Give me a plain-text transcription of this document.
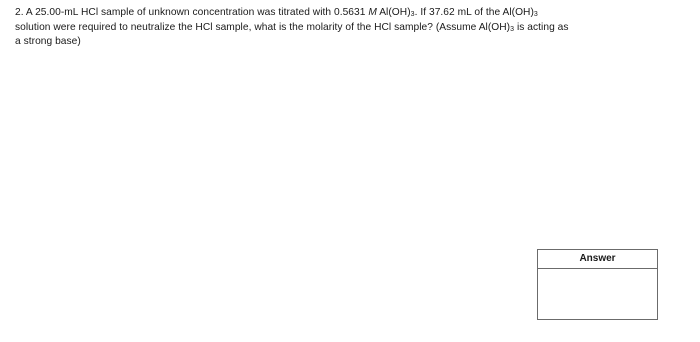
2. A 25.00-mL HCl sample of unknown concentration was titrated with 0.5631 M $Al(OH)_3$. If 37.62 mL of the $Al(OH)_3$

solution were required to neutralize the HCl sample, what is the molarity of the HCl sample? (Assume $Al(OH)_3$ is acting as

a strong base)

Answer
